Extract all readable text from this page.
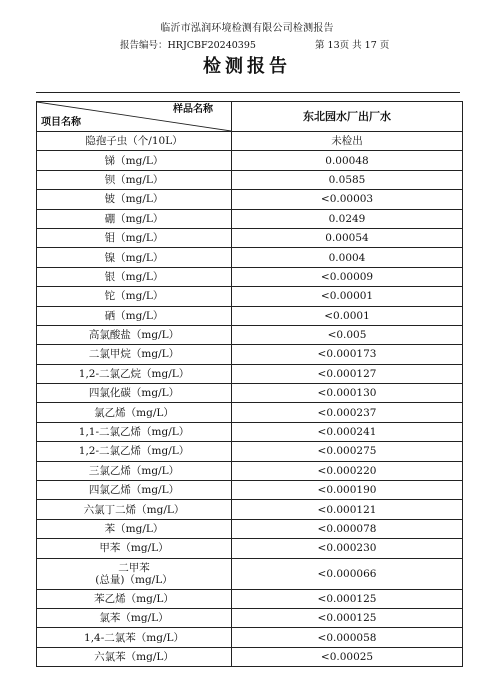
临沂市泓润环境检测有限公司检测报告
报告编号：HRJCBF20240395	第 13页 共 17 页
检测报告
样品名称
项目名称	东北园水厂出厂水
隐孢子虫（个/10L）	未检出
锑（mg/L）	0.00048
钡（mg/L）	0.0585
铍（mg/L）	<0.00003
硼（mg/L）	0.0249
钼（mg/L）	0.00054
镍（mg/L）	0.0004
银（mg/L）	<0.00009
铊（mg/L）	<0.00001
硒（mg/L）	<0.0001
高氯酸盐（mg/L）	<0.005
二氯甲烷（mg/L）	<0.000173
1,2-二氯乙烷（mg/L）	<0.000127
四氯化碳（mg/L）	<0.000130
氯乙烯（mg/L）	<0.000237
1,1-二氯乙烯（mg/L）	<0.000241
1,2-二氯乙烯（mg/L）	<0.000275
三氯乙烯（mg/L）	<0.000220
四氯乙烯（mg/L）	<0.000190
六氯丁二烯（mg/L）	<0.000121
苯（mg/L）	<0.000078
甲苯（mg/L）	<0.000230

二甲苯
(总量)（mg/L）	<0.000066
苯乙烯（mg/L）	<0.000125
氯苯（mg/L）	<0.000125
1,4-二氯苯（mg/L）	<0.000058
六氯苯（mg/L）	<0.00025
